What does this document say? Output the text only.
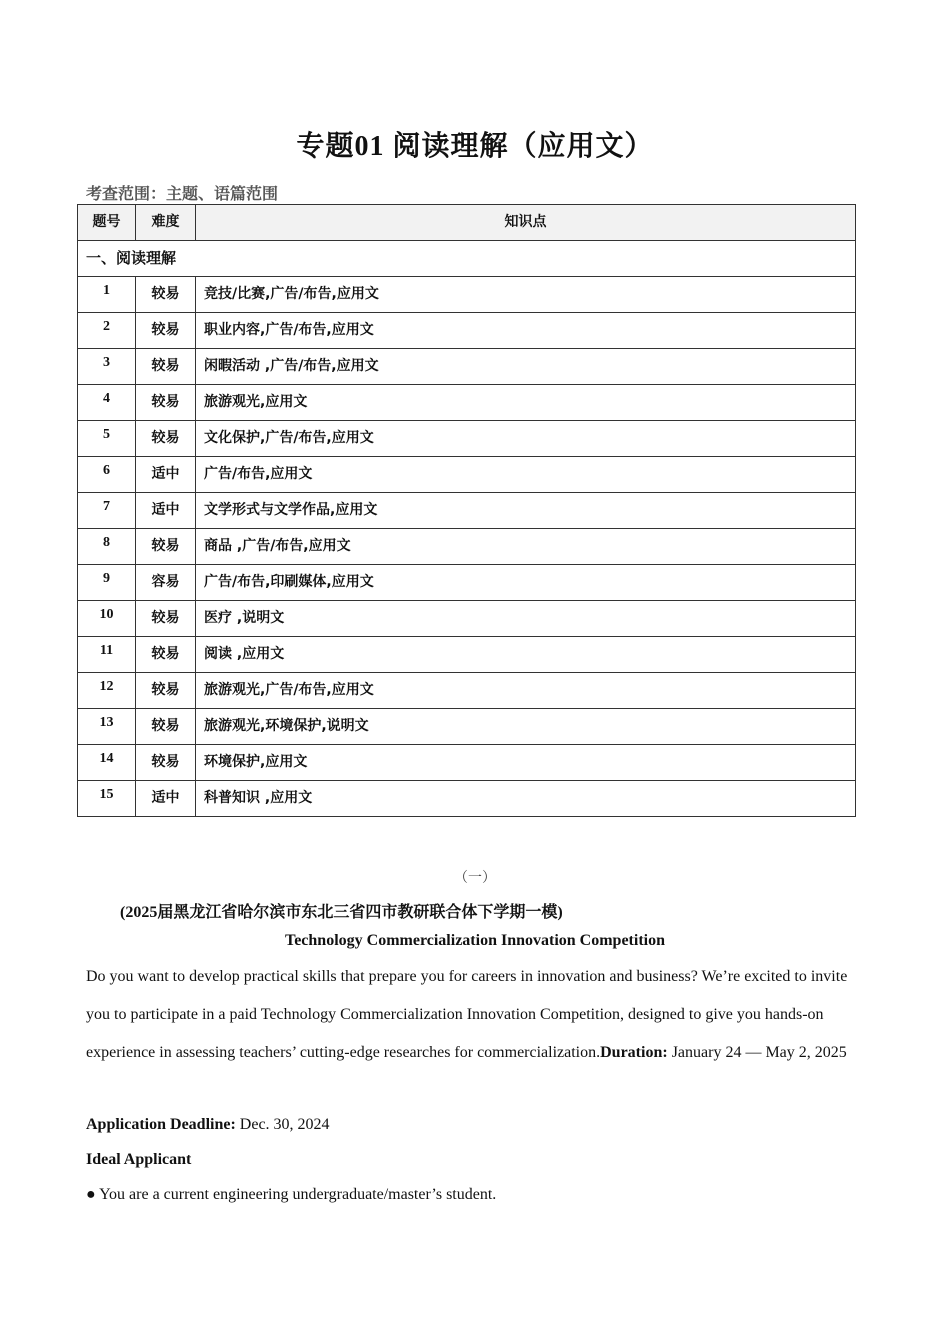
专题01 阅读理解（应用文）
考查范围：主题、语篇范围
题号	难度	知识点
一、阅读理解		
1	较易	竞技/比赛,广告/布告,应用文
2	较易	职业内容,广告/布告,应用文
3	较易	闲暇活动 ,广告/布告,应用文
4	较易	旅游观光,应用文
5	较易	文化保护,广告/布告,应用文
6	适中	广告/布告,应用文
7	适中	文学形式与文学作品,应用文
8	较易	商品 ,广告/布告,应用文
9	容易	广告/布告,印刷媒体,应用文
10	较易	医疗 ,说明文
11	较易	阅读 ,应用文
12	较易	旅游观光,广告/布告,应用文
13	较易	旅游观光,环境保护,说明文
14	较易	环境保护,应用文
15	适中	科普知识 ,应用文
（一）
(2025届黑龙江省哈尔滨市东北三省四市教研联合体下学期一模)
Technology Commercialization Innovation Competition
Do you want to develop practical skills that prepare you for careers in innovation and business? We’re excited to invite you to participate in a paid Technology Commercialization Innovation Competition, designed to give you hands-on experience in assessing teachers’ cutting-edge researches for commercialization.Duration: January 24 — May 2, 2025
Application Deadline: Dec. 30, 2024
Ideal Applicant
● You are a current engineering undergraduate/master’s student.
